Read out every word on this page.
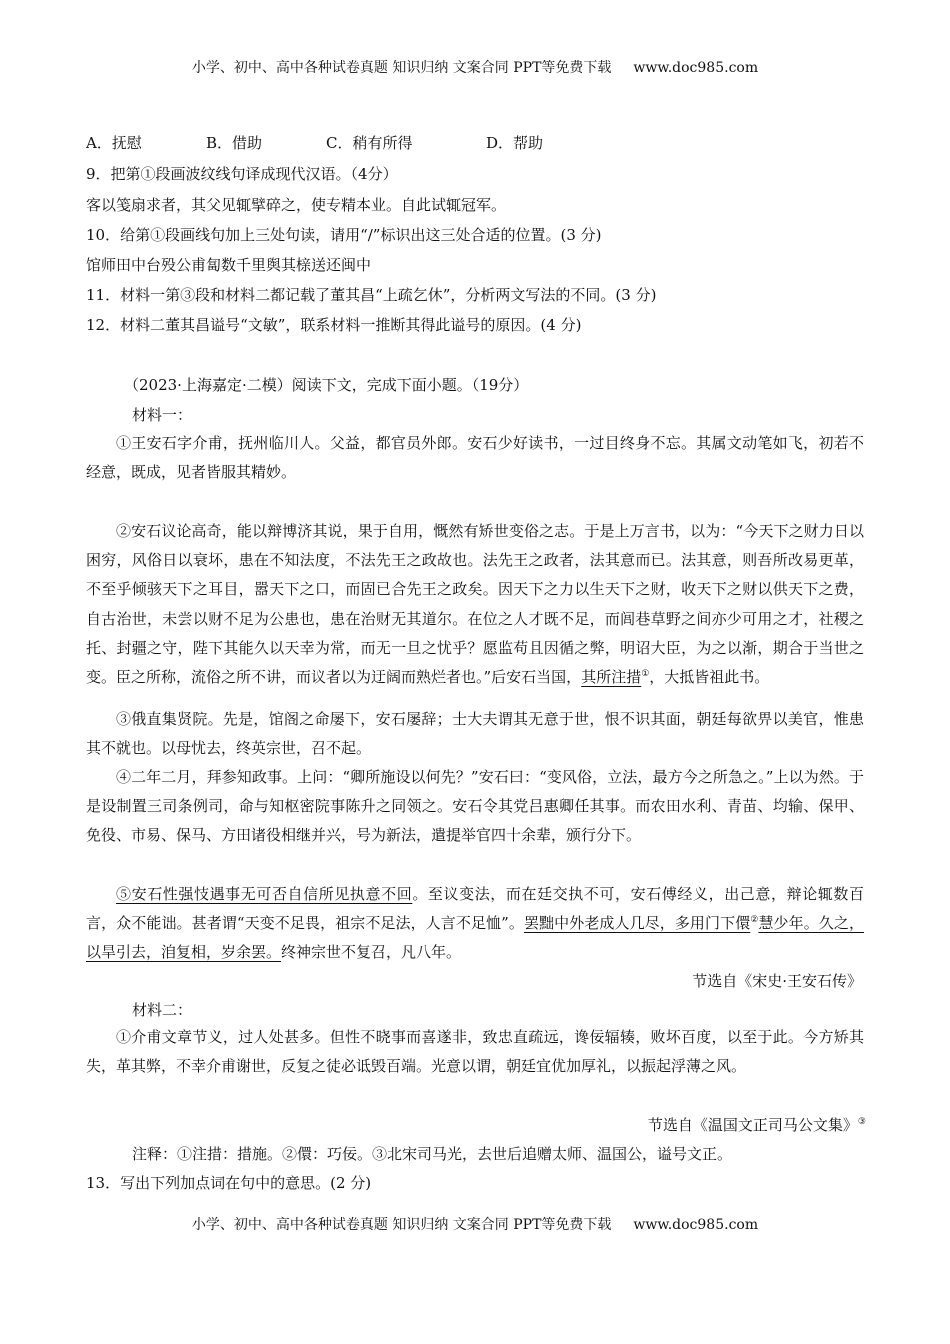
小学、初中、高中各种试卷真题 知识归纳 文案合同 PPT等免费下载 www.doc985.com
A．抚慰	B．借助	C．稍有所得	D．帮助
9．把第①段画波纹线句译成现代汉语。（4分）
客以笺扇求者，其父见辄擘碎之，使专精本业。自此试辄冠军。
10．给第①段画线句加上三处句读，请用“/”标识出这三处合适的位置。(3 分)
馆师田中台殁公甫匐数千里舆其榇送还闽中
11．材料一第③段和材料二都记载了董其昌“上疏乞休”，分析两文写法的不同。(3 分)
12．材料二董其昌谥号“文敏”，联系材料一推断其得此谥号的原因。(4 分)
（2023·上海嘉定·二模）阅读下文，完成下面小题。（19分）
材料一：
①王安石字介甫，抚州临川人。父益，都官员外郎。安石少好读书，一过目终身不忘。其属文动笔如飞，初若不经意，既成，见者皆服其精妙。
②安石议论高奇，能以辩博济其说，果于自用，慨然有矫世变俗之志。于是上万言书，以为：“今天下之财力日以困穷，风俗日以衰坏，患在不知法度，不法先王之政故也。法先王之政者，法其意而已。法其意，则吾所改易更革，不至乎倾骇天下之耳目，嚣天下之口，而固已合先王之政矣。因天下之力以生天下之财，收天下之财以供天下之费，自古治世，未尝以财不足为公患也，患在治财无其道尔。在位之人才既不足，而闾巷草野之间亦少可用之才，社稷之托、封疆之守，陛下其能久以天幸为常，而无一旦之忧乎？愿监苟且因循之弊，明诏大臣，为之以渐，期合于当世之变。臣之所称，流俗之所不讲，而议者以为迂阔而熟烂者也。”后安石当国，其所注措①，大抵皆祖此书。
③俄直集贤院。先是，馆阁之命屡下，安石屡辞；士大夫谓其无意于世，恨不识其面，朝廷每欲畀以美官，惟患其不就也。以母忧去，终英宗世，召不起。
④二年二月，拜参知政事。上问：“卿所施设以何先？”安石曰：“变风俗，立法，最方今之所急之。”上以为然。于是设制置三司条例司，命与知枢密院事陈升之同领之。安石令其党吕惠卿任其事。而农田水利、青苗、均输、保甲、免役、市易、保马、方田诸役相继并兴，号为新法，遣提举官四十余辈，颁行分下。
⑤安石性强忮遇事无可否自信所见执意不回。至议变法，而在廷交执不可，安石傅经义，出己意，辩论辄数百言，众不能诎。甚者谓“天变不足畏，祖宗不足法，人言不足恤”。罢黜中外老成人几尽，多用门下儇②慧少年。久之，以旱引去，洎复相，岁余罢。终神宗世不复召，凡八年。
节选自《宋史·王安石传》
材料二：
①介甫文章节义，过人处甚多。但性不晓事而喜遂非，致忠直疏远，谗佞辐辏，败坏百度，以至于此。今方矫其失，革其弊，不幸介甫谢世，反复之徒必诋毁百端。光意以谓，朝廷宜优加厚礼，以振起浮薄之风。
节选自《温国文正司马公文集》③
注释：①注措：措施。②儇：巧佞。③北宋司马光，去世后追赠太师、温国公，谥号文正。
13．写出下列加点词在句中的意思。(2 分)
小学、初中、高中各种试卷真题 知识归纳 文案合同 PPT等免费下载 www.doc985.com
